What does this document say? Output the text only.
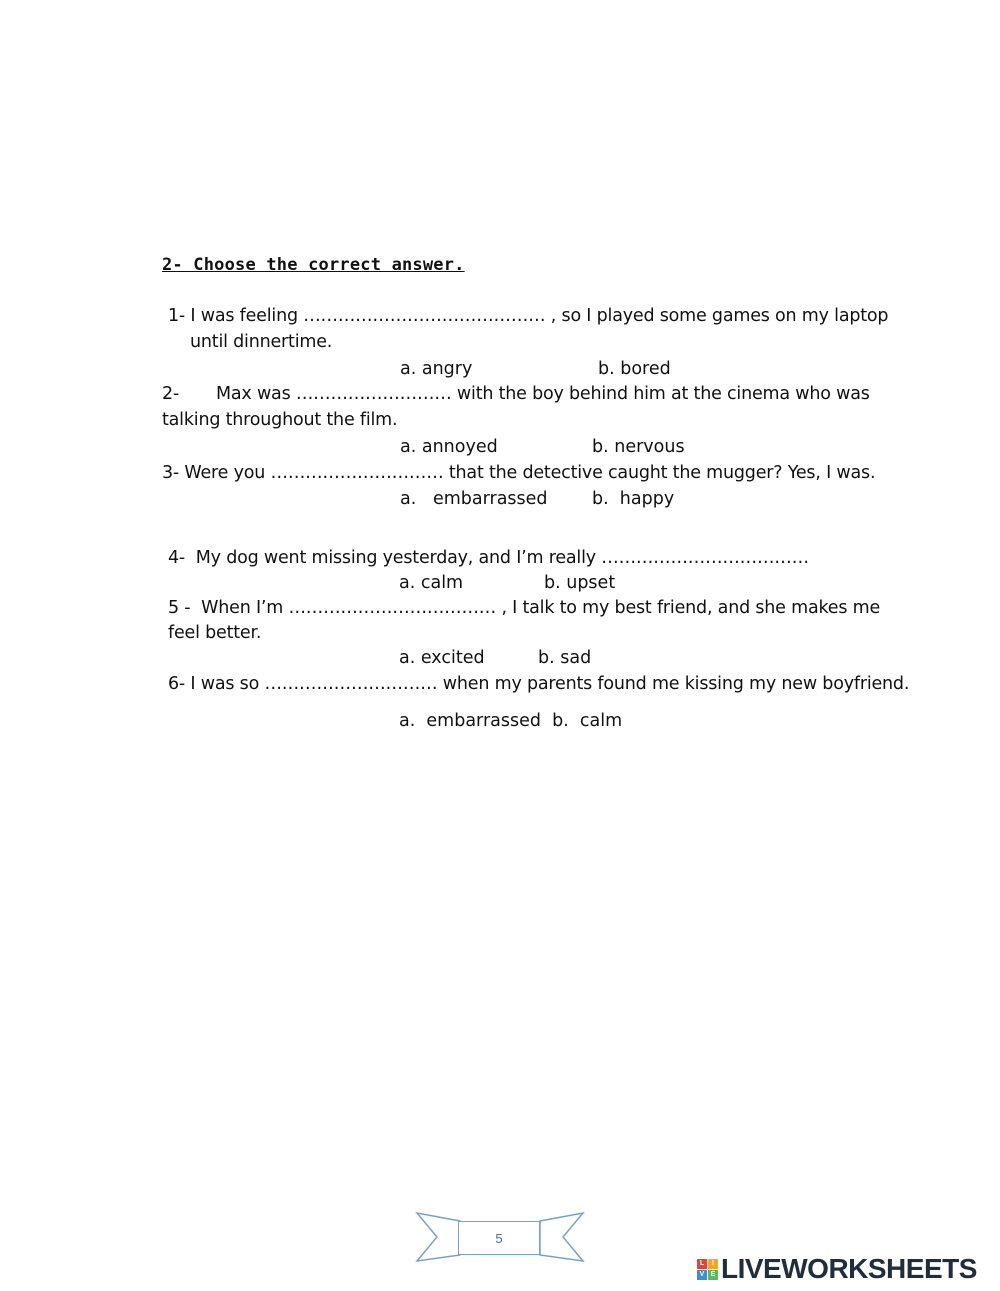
2- Choose the correct answer.
1- I was feeling …………………………………… , so I played some games on my laptop
until dinnertime.
a. angry	b. bored
2- Max was ……………………… with the boy behind him at the cinema who was
talking throughout the film.
a. annoyed	b. nervous
3- Were you ………………………… that the detective caught the mugger? Yes, I was.
a.   embarrassed	b.  happy
4-  My dog went missing yesterday, and I’m really ………………………………
a. calm	b. upset
5 -  When I’m ……………………………… , I talk to my best friend, and she makes me
feel better.
a. excited	b. sad
6- I was so ………………………… when my parents found me kissing my new boyfriend.
a.  embarrassed  b.  calm
5
L	I
V E LIVEWORKSHEETS
